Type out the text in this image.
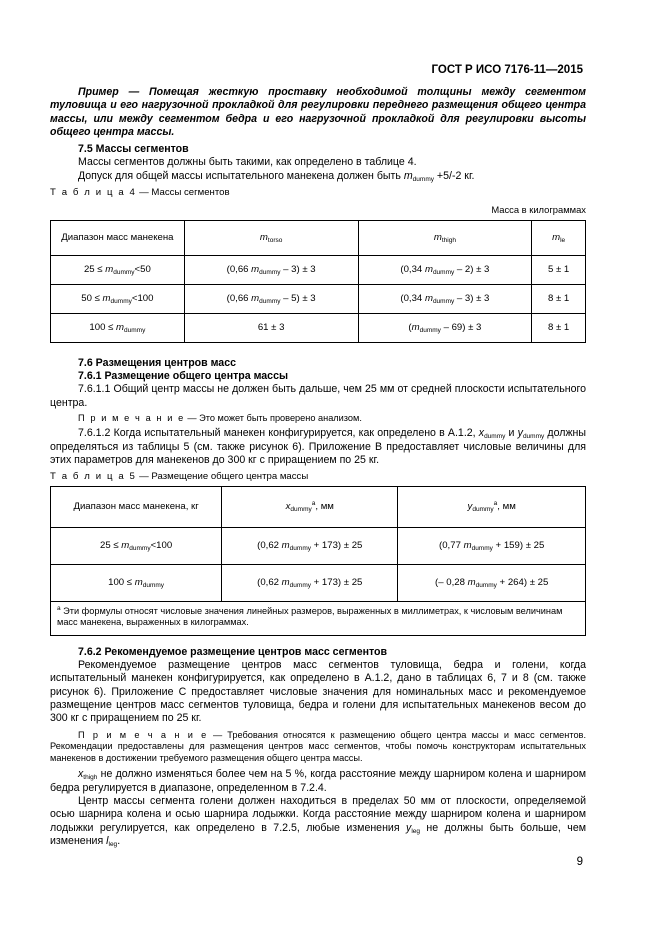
ГОСТ Р ИСО 7176-11—2015

Пример — Помещая жесткую проставку необходимой толщины между сегментом туловища и его нагрузочной прокладкой для регулировки переднего размещения общего центра массы, или между сегментом бедра и его нагрузочной прокладкой для регулировки высоты общего центра массы.

7.5 Массы сегментов

Массы сегментов должны быть такими, как определено в таблице 4.

Допуск для общей массы испытательного манекена должен быть $m_{dummy} +5/-2$ кг.

Т а б л и ц а 4 — Массы сегментов
Масса в килограммах
Диапазон масс манекена	$m_{torso}$	$m_{thigh}$	$m_{le}$
$25 \le m_{dummy}<50$	(0,66 $m_{dummy} - 3) \pm 3$	(0,34 $m_{dummy} - 2) \pm 3$	5 ± 1
$50 \le m_{dummy}<100$	(0,66 $m_{dummy} - 5) \pm 3$	(0,34 $m_{dummy} - 3) \pm 3$	8 ± 1
$100 \le m_{dummy}$	61 ± 3	$(m_{dummy} - 69) \pm 3$	8 ± 1

7.6 Размещения центров масс

7.6.1 Размещение общего центра массы

7.6.1.1 Общий центр массы не должен быть дальше, чем 25 мм от средней плоскости испытательного центра.

П р и м е ч а н и е — Это может быть проверено анализом.

7.6.1.2 Когда испытательный манекен конфигурируется, как определено в А.1.2, $x_{dummy}$ и $y_{dummy}$ должны определяться из таблицы 5 (см. также рисунок 6). Приложение В предоставляет числовые величины для этих параметров для манекенов до 300 кг с приращением по 25 кг.

Т а б л и ц а 5 — Размещение общего центра массы
Диапазон масс манекена, кг	$x_{dummy}^a$, мм	$y_{dummy}^a$, мм
$25 \le m_{dummy}<100$	(0,62 $m_{dummy} + 173) \pm 25$	(0,77 $m_{dummy} + 159) \pm 25$
$100 \le m_{dummy}$	(0,62 $m_{dummy} + 173) \pm 25$	(– 0,28 $m_{dummy} + 264) \pm 25$
$^a$ Эти формулы относят числовые значения линейных размеров, выраженных в миллиметрах, к числовым величинам масс манекена, выраженных в килограммах.		

7.6.2 Рекомендуемое размещение центров масс сегментов

Рекомендуемое размещение центров масс сегментов туловища, бедра и голени, когда испытательный манекен конфигурируется, как определено в А.1.2, дано в таблицах 6, 7 и 8 (см. также рисунок 6). Приложение С предоставляет числовые значения для номинальных масс и рекомендуемое размещение центров масс сегментов туловища, бедра и голени для испытательных манекенов весом до 300 кг с приращением по 25 кг.

П р и м е ч а н и е — Требования относятся к размещению общего центра массы и масс сегментов. Рекомендации предоставлены для размещения центров масс сегментов, чтобы помочь конструкторам испытательных манекенов в достижении требуемого размещения общего центра массы.

$x_{thigh}$ не должно изменяться более чем на 5 %, когда расстояние между шарниром колена и шарниром бедра регулируется в диапазоне, определенном в 7.2.4.

Центр массы сегмента голени должен находиться в пределах 50 мм от плоскости, определяемой осью шарнира колена и осью шарнира лодыжки. Когда расстояние между шарниром колена и шарниром лодыжки регулируется, как определено в 7.2.5, любые изменения $y_{leg}$ не должны быть больше, чем изменения $l_{leg}$.

9
